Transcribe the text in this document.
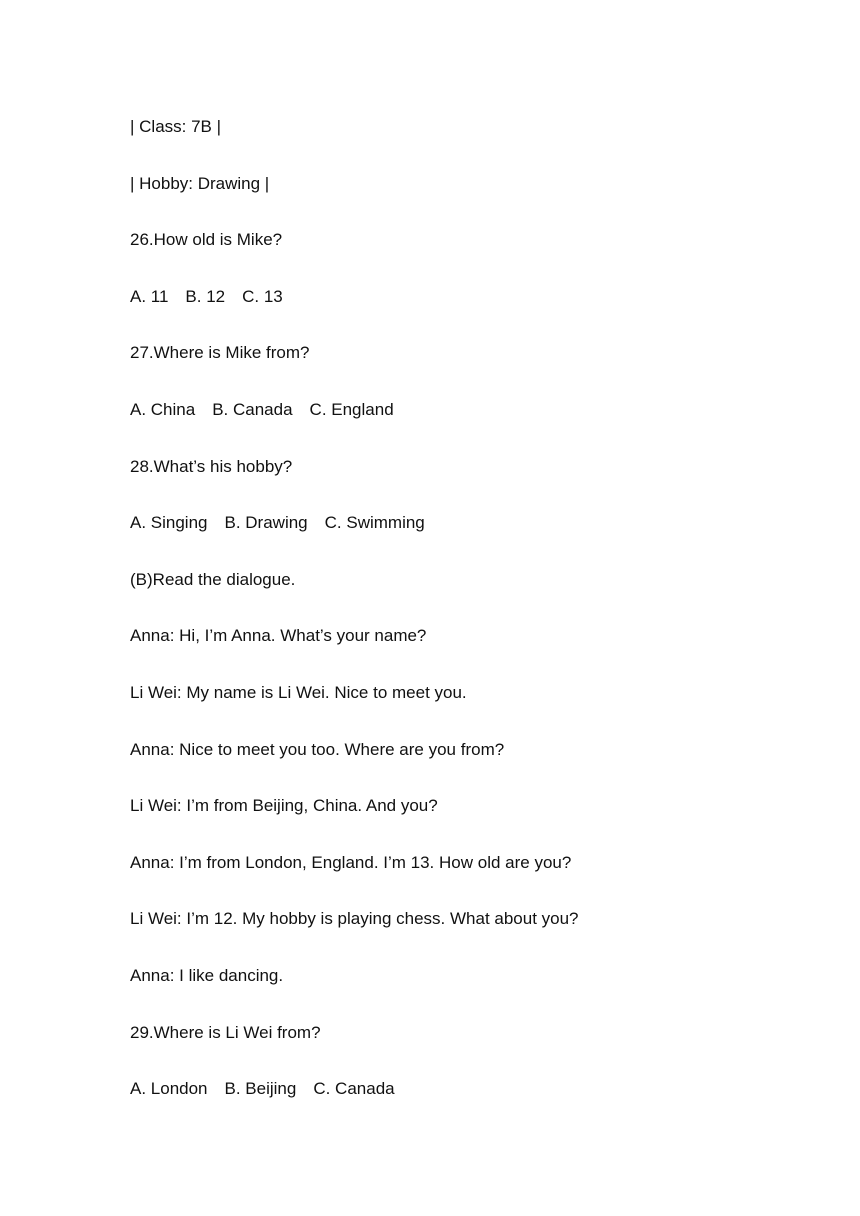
| Class: 7B |
| Hobby: Drawing |
26.How old is Mike?
A. 11　B. 12　C. 13
27.Where is Mike from?
A. China　B. Canada　C. England
28.What’s his hobby?
A. Singing　B. Drawing　C. Swimming
(B)Read the dialogue.
Anna: Hi, I’m Anna. What’s your name?
Li Wei: My name is Li Wei. Nice to meet you.
Anna: Nice to meet you too. Where are you from?
Li Wei: I’m from Beijing, China. And you?
Anna: I’m from London, England. I’m 13. How old are you?
Li Wei: I’m 12. My hobby is playing chess. What about you?
Anna: I like dancing.
29.Where is Li Wei from?
A. London　B. Beijing　C. Canada
